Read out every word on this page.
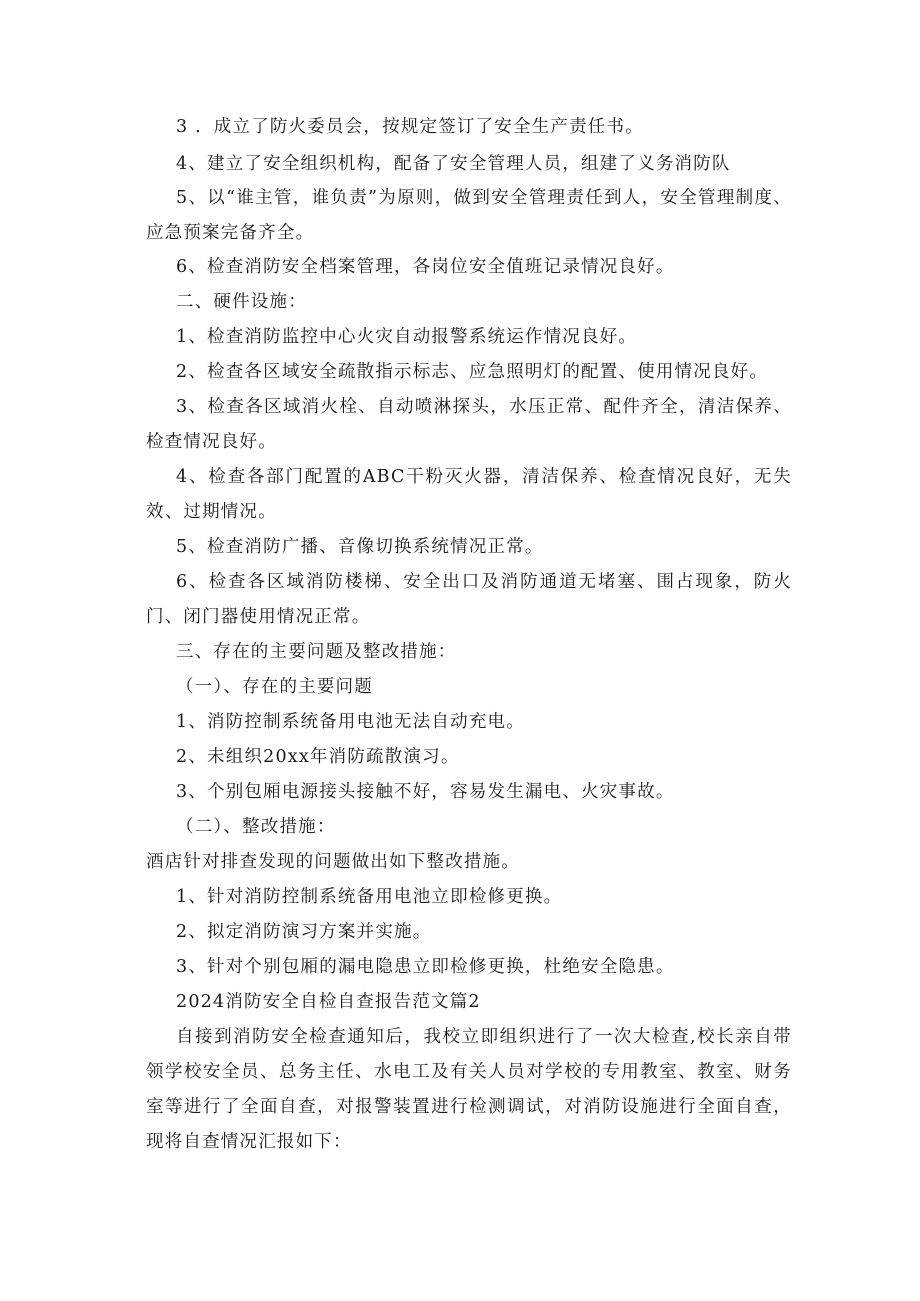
3 ．成立了防火委员会，按规定签订了安全生产责任书。
4、建立了安全组织机构，配备了安全管理人员，组建了义务消防队
5、以“谁主管，谁负责”为原则，做到安全管理责任到人，安全管理制度、应急预案完备齐全。
6、检查消防安全档案管理，各岗位安全值班记录情况良好。
二、硬件设施：
1、检查消防监控中心火灾自动报警系统运作情况良好。
2、检查各区域安全疏散指示标志、应急照明灯的配置、使用情况良好。
3、检查各区域消火栓、自动喷淋探头，水压正常、配件齐全，清洁保养、检查情况良好。
4、检查各部门配置的ABC干粉灭火器，清洁保养、检查情况良好，无失效、过期情况。
5、检查消防广播、音像切换系统情况正常。
6、检查各区域消防楼梯、安全出口及消防通道无堵塞、围占现象，防火门、闭门器使用情况正常。
三、存在的主要问题及整改措施：
（一）、存在的主要问题
1、消防控制系统备用电池无法自动充电。
2、未组织20xx年消防疏散演习。
3、个别包厢电源接头接触不好，容易发生漏电、火灾事故。
（二）、整改措施：
酒店针对排查发现的问题做出如下整改措施。
1、针对消防控制系统备用电池立即检修更换。
2、拟定消防演习方案并实施。
3、针对个别包厢的漏电隐患立即检修更换，杜绝安全隐患。
2024消防安全自检自查报告范文篇2
自接到消防安全检查通知后，我校立即组织进行了一次大检查,校长亲自带领学校安全员、总务主任、水电工及有关人员对学校的专用教室、教室、财务室等进行了全面自查，对报警装置进行检测调试，对消防设施进行全面自查，现将自查情况汇报如下：
